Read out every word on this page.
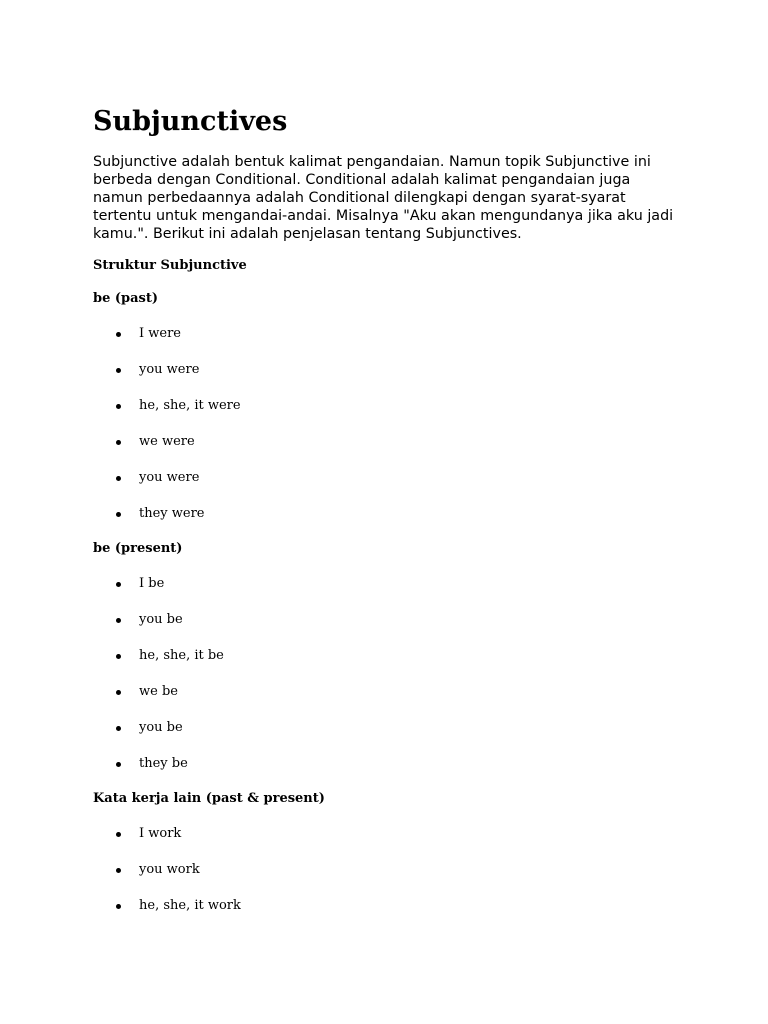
Subjunctives

Subjunctive adalah bentuk kalimat pengandaian. Namun topik Subjunctive ini berbeda dengan Conditional. Conditional adalah kalimat pengandaian juga namun perbedaannya adalah Conditional dilengkapi dengan syarat-syarat tertentu untuk mengandai-andai. Misalnya "Aku akan mengundanya jika aku jadi kamu.". Berikut ini adalah penjelasan tentang Subjunctives.

Struktur Subjunctive

be (past)

I were

you were

he, she, it were

we were

you were

they were

be (present)

I be

you be

he, she, it be

we be

you be

they be

Kata kerja lain (past & present)

I work

you work

he, she, it work
